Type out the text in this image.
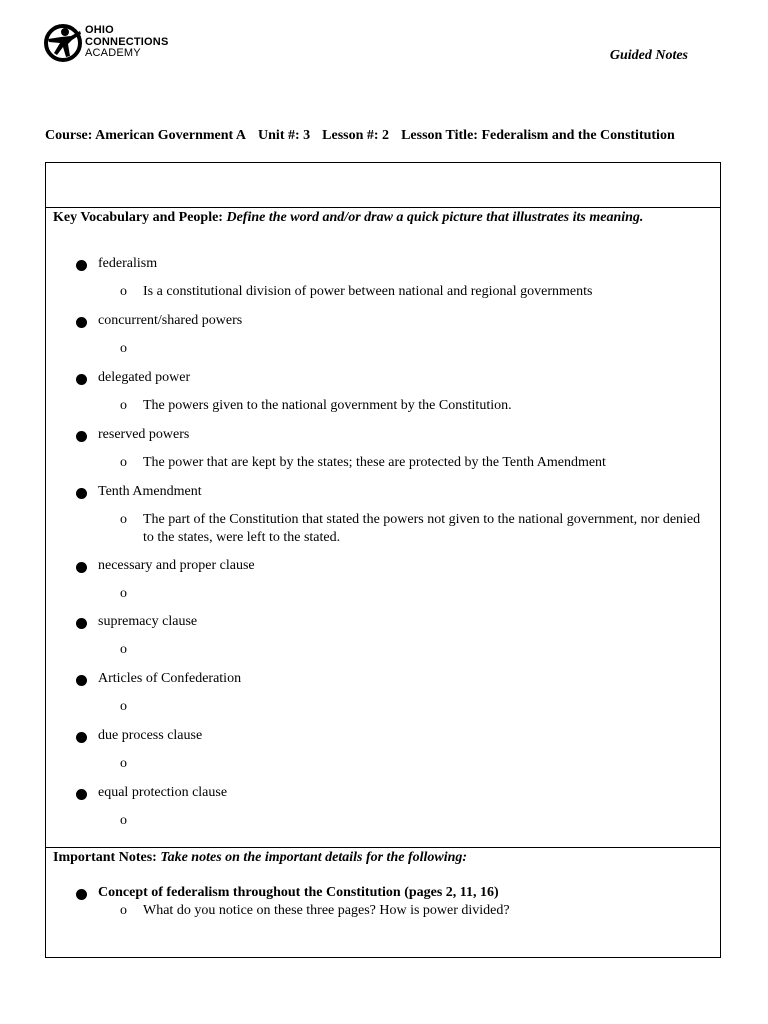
OHIO
CONNECTIONS
ACADEMY	Guided Notes
Course: American Government A Unit #: 3 Lesson #: 2 Lesson Title: Federalism and the Constitution
Key Vocabulary and People: Define the word and/or draw a quick picture that illustrates its meaning.
federalism
o Is a constitutional division of power between national and regional governments
concurrent/shared powers
o
delegated power
o The powers given to the national government by the Constitution.
reserved powers
o The power that are kept by the states; these are protected by the Tenth Amendment
Tenth Amendment
o The part of the Constitution that stated the powers not given to the national government, nor denied to the states, were left to the stated.
necessary and proper clause
o
supremacy clause
o
Articles of Confederation
o
due process clause
o
equal protection clause
o
Important Notes: Take notes on the important details for the following:
Concept of federalism throughout the Constitution (pages 2, 11, 16)
o What do you notice on these three pages? How is power divided?
